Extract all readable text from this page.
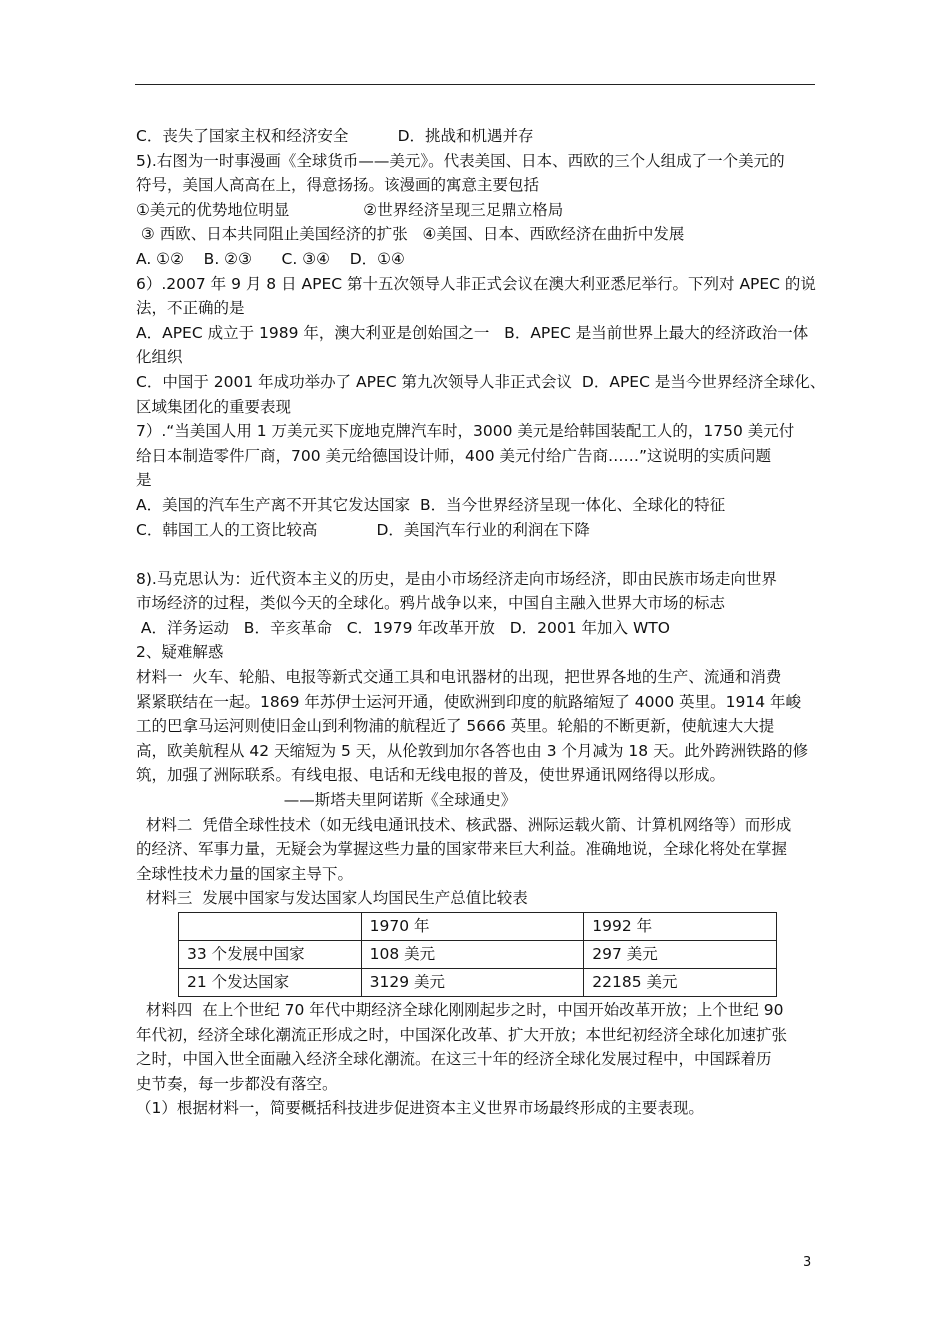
C．丧失了国家主权和经济安全          D．挑战和机遇并存
5).右图为一时事漫画《全球货币——美元》。代表美国、日本、西欧的三个人组成了一个美元的
符号，美国人高高在上，得意扬扬。该漫画的寓意主要包括
①美元的优势地位明显               ②世界经济呈现三足鼎立格局
③ 西欧、日本共同阻止美国经济的扩张   ④美国、日本、西欧经济在曲折中发展
A. ①②    B. ②③      C. ③④    D．①④
6）.2007 年 9 月 8 日 APEC 第十五次领导人非正式会议在澳大利亚悉尼举行。下列对 APEC 的说
法，不正确的是
A．APEC 成立于 1989 年，澳大利亚是创始国之一   B．APEC 是当前世界上最大的经济政治一体
化组织
C．中国于 2001 年成功举办了 APEC 第九次领导人非正式会议  D．APEC 是当今世界经济全球化、
区域集团化的重要表现
7）.“当美国人用 1 万美元买下庞地克牌汽车时，3000 美元是给韩国装配工人的，1750 美元付
给日本制造零件厂商，700 美元给德国设计师，400 美元付给广告商……”这说明的实质问题
是
A．美国的汽车生产离不开其它发达国家  B．当今世界经济呈现一体化、全球化的特征
C．韩国工人的工资比较高            D．美国汽车行业的利润在下降
8).马克思认为：近代资本主义的历史，是由小市场经济走向市场经济，即由民族市场走向世界
市场经济的过程，类似今天的全球化。鸦片战争以来，中国自主融入世界大市场的标志
A．洋务运动   B．辛亥革命   C．1979 年改革开放   D．2001 年加入 WTO
2、疑难解惑
材料一  火车、轮船、电报等新式交通工具和电讯器材的出现，把世界各地的生产、流通和消费
紧紧联结在一起。1869 年苏伊士运河开通，使欧洲到印度的航路缩短了 4000 英里。1914 年峻
工的巴拿马运河则使旧金山到利物浦的航程近了 5666 英里。轮船的不断更新，使航速大大提
高，欧美航程从 42 天缩短为 5 天，从伦敦到加尔各答也由 3 个月减为 18 天。此外跨洲铁路的修
筑，加强了洲际联系。有线电报、电话和无线电报的普及，使世界通讯网络得以形成。
——斯塔夫里阿诺斯《全球通史》
材料二  凭借全球性技术（如无线电通讯技术、核武器、洲际运载火箭、计算机网络等）而形成
的经济、军事力量，无疑会为掌握这些力量的国家带来巨大利益。准确地说，全球化将处在掌握
全球性技术力量的国家主导下。
材料三  发展中国家与发达国家人均国民生产总值比较表
	1970 年	1992 年
33 个发展中国家	108 美元	297 美元
21 个发达国家	3129 美元	22185 美元
材料四  在上个世纪 70 年代中期经济全球化刚刚起步之时，中国开始改革开放；上个世纪 90
年代初，经济全球化潮流正形成之时，中国深化改革、扩大开放；本世纪初经济全球化加速扩张
之时，中国入世全面融入经济全球化潮流。在这三十年的经济全球化发展过程中，中国踩着历
史节奏，每一步都没有落空。
（1）根据材料一，简要概括科技进步促进资本主义世界市场最终形成的主要表现。
3
